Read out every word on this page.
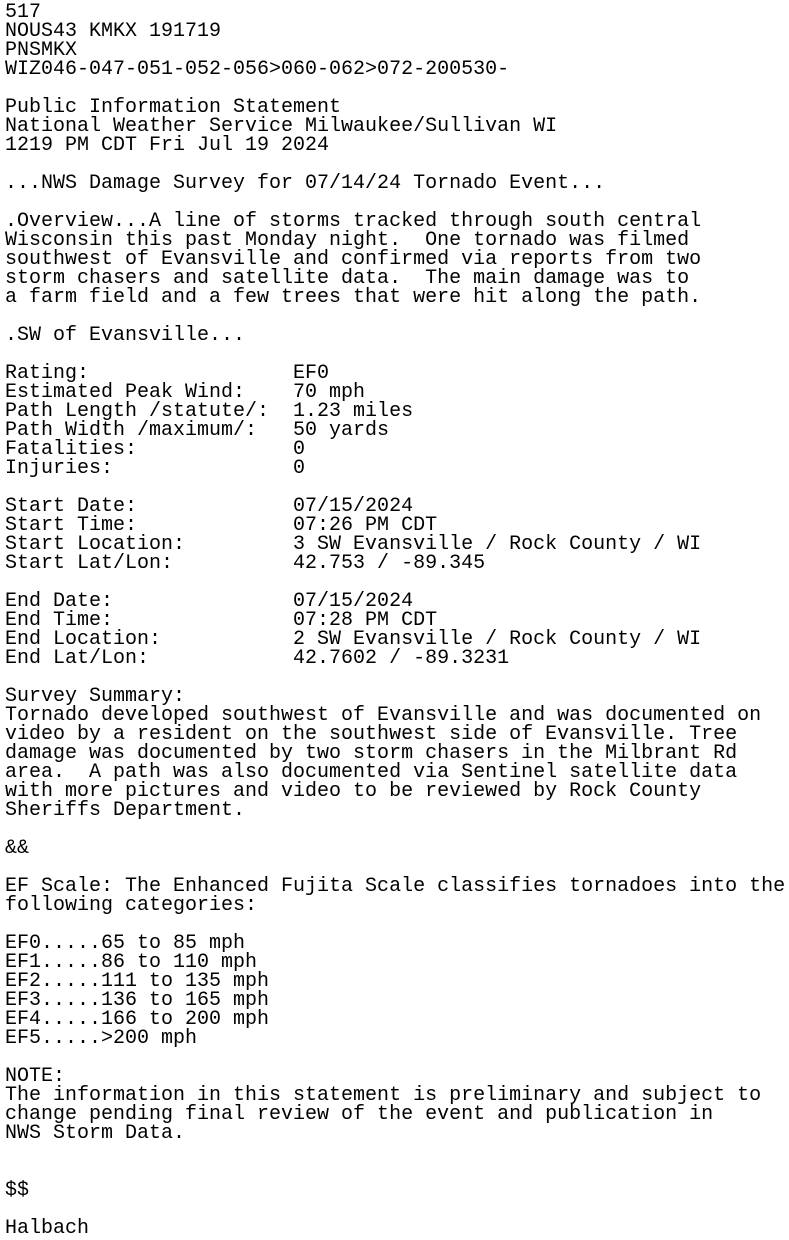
517
NOUS43 KMKX 191719
PNSMKX
WIZ046-047-051-052-056>060-062>072-200530-
Public Information Statement
National Weather Service Milwaukee/Sullivan WI
1219 PM CDT Fri Jul 19 2024
...NWS Damage Survey for 07/14/24 Tornado Event...
.Overview...A line of storms tracked through south central
Wisconsin this past Monday night.  One tornado was filmed
southwest of Evansville and confirmed via reports from two
storm chasers and satellite data.  The main damage was to
a farm field and a few trees that were hit along the path.
.SW of Evansville...
Rating:                 EF0
Estimated Peak Wind:    70 mph
Path Length /statute/:  1.23 miles
Path Width /maximum/:   50 yards
Fatalities:             0
Injuries:               0
Start Date:             07/15/2024
Start Time:             07:26 PM CDT
Start Location:         3 SW Evansville / Rock County / WI
Start Lat/Lon:          42.753 / -89.345
End Date:               07/15/2024
End Time:               07:28 PM CDT
End Location:           2 SW Evansville / Rock County / WI
End Lat/Lon:            42.7602 / -89.3231
Survey Summary:
Tornado developed southwest of Evansville and was documented on
video by a resident on the southwest side of Evansville. Tree
damage was documented by two storm chasers in the Milbrant Rd
area.  A path was also documented via Sentinel satellite data
with more pictures and video to be reviewed by Rock County
Sheriffs Department.
&&
EF Scale: The Enhanced Fujita Scale classifies tornadoes into the
following categories:
EF0.....65 to 85 mph
EF1.....86 to 110 mph
EF2.....111 to 135 mph
EF3.....136 to 165 mph
EF4.....166 to 200 mph
EF5.....>200 mph
NOTE:
The information in this statement is preliminary and subject to
change pending final review of the event and publication in
NWS Storm Data.
$$
Halbach
